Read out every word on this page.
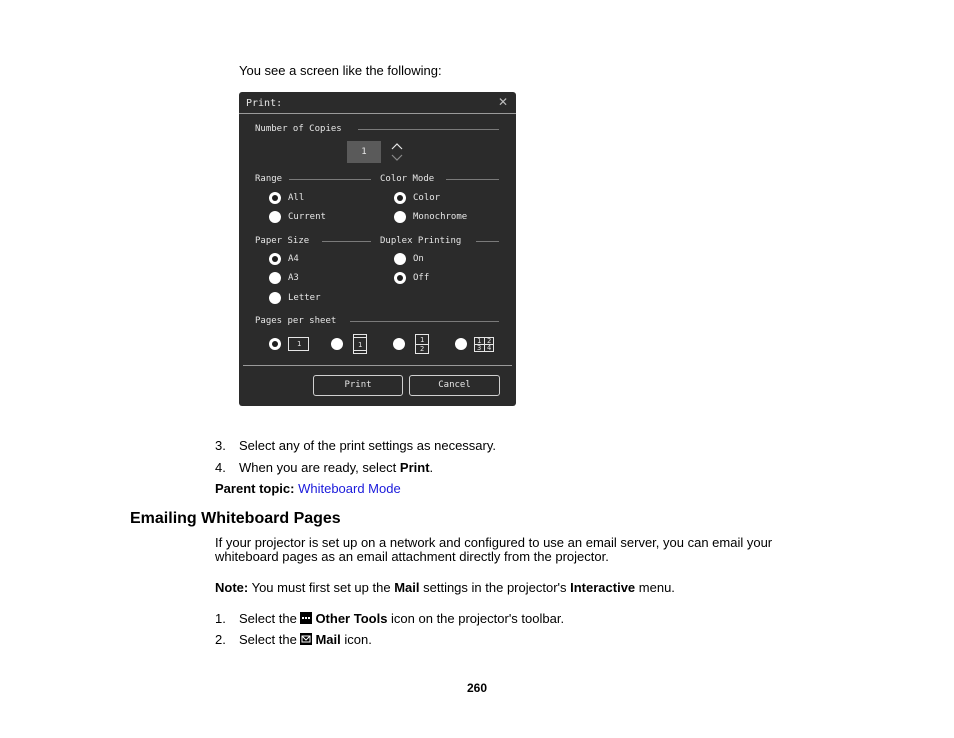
You see a screen like the following:
Print:	✕
Number of Copies
1
Range	Color Mode
All
Current
Color
Monochrome
Paper Size	Duplex Printing
A4
A3
Letter
On
Off
Pages per sheet
1	1
1
2
1 2
3 4
Print	Cancel
3. Select any of the print settings as necessary.
4. When you are ready, select Print.
Parent topic: Whiteboard Mode
Emailing Whiteboard Pages
If your projector is set up on a network and configured to use an email server, you can email your
whiteboard pages as an email attachment directly from the projector.
Note: You must first set up the Mail settings in the projector's Interactive menu.
1. Select the
Other Tools icon on the projector's toolbar.
2. Select the
Mail icon.
260
